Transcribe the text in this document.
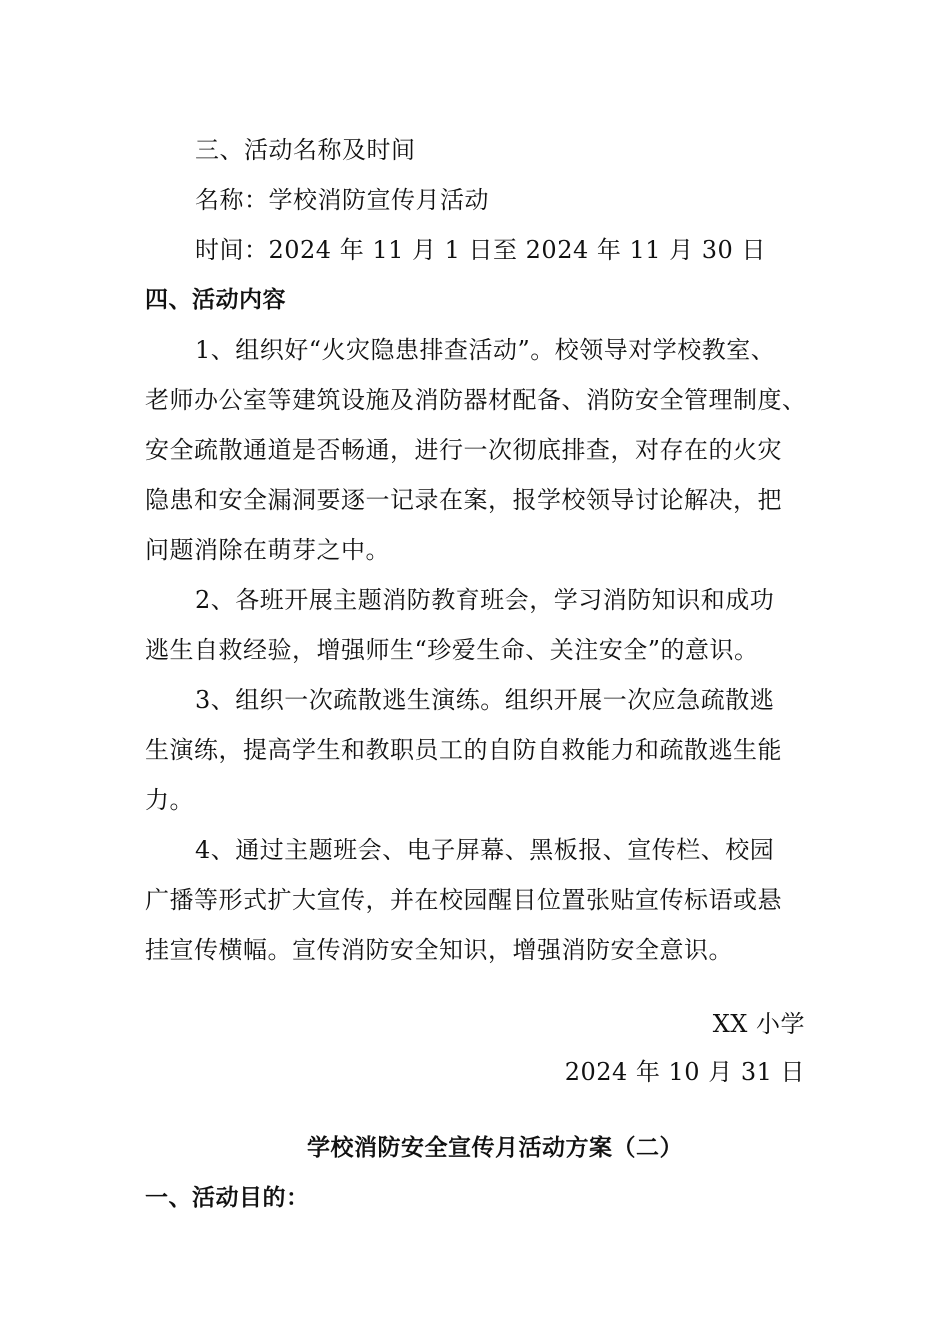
三、活动名称及时间
名称：学校消防宣传月活动
时间：2024 年 11 月 1 日至 2024 年 11 月 30 日
四、活动内容
1、组织好“火灾隐患排查活动”。校领导对学校教室、
老师办公室等建筑设施及消防器材配备、消防安全管理制度、
安全疏散通道是否畅通，进行一次彻底排查，对存在的火灾
隐患和安全漏洞要逐一记录在案，报学校领导讨论解决，把
问题消除在萌芽之中。
2、各班开展主题消防教育班会，学习消防知识和成功
逃生自救经验，增强师生“珍爱生命、关注安全”的意识。
3、组织一次疏散逃生演练。组织开展一次应急疏散逃
生演练，提高学生和教职员工的自防自救能力和疏散逃生能
力。
4、通过主题班会、电子屏幕、黑板报、宣传栏、校园
广播等形式扩大宣传，并在校园醒目位置张贴宣传标语或悬
挂宣传横幅。宣传消防安全知识，增强消防安全意识。
XX 小学
2024 年 10 月 31 日
学校消防安全宣传月活动方案（二）
一、活动目的：
